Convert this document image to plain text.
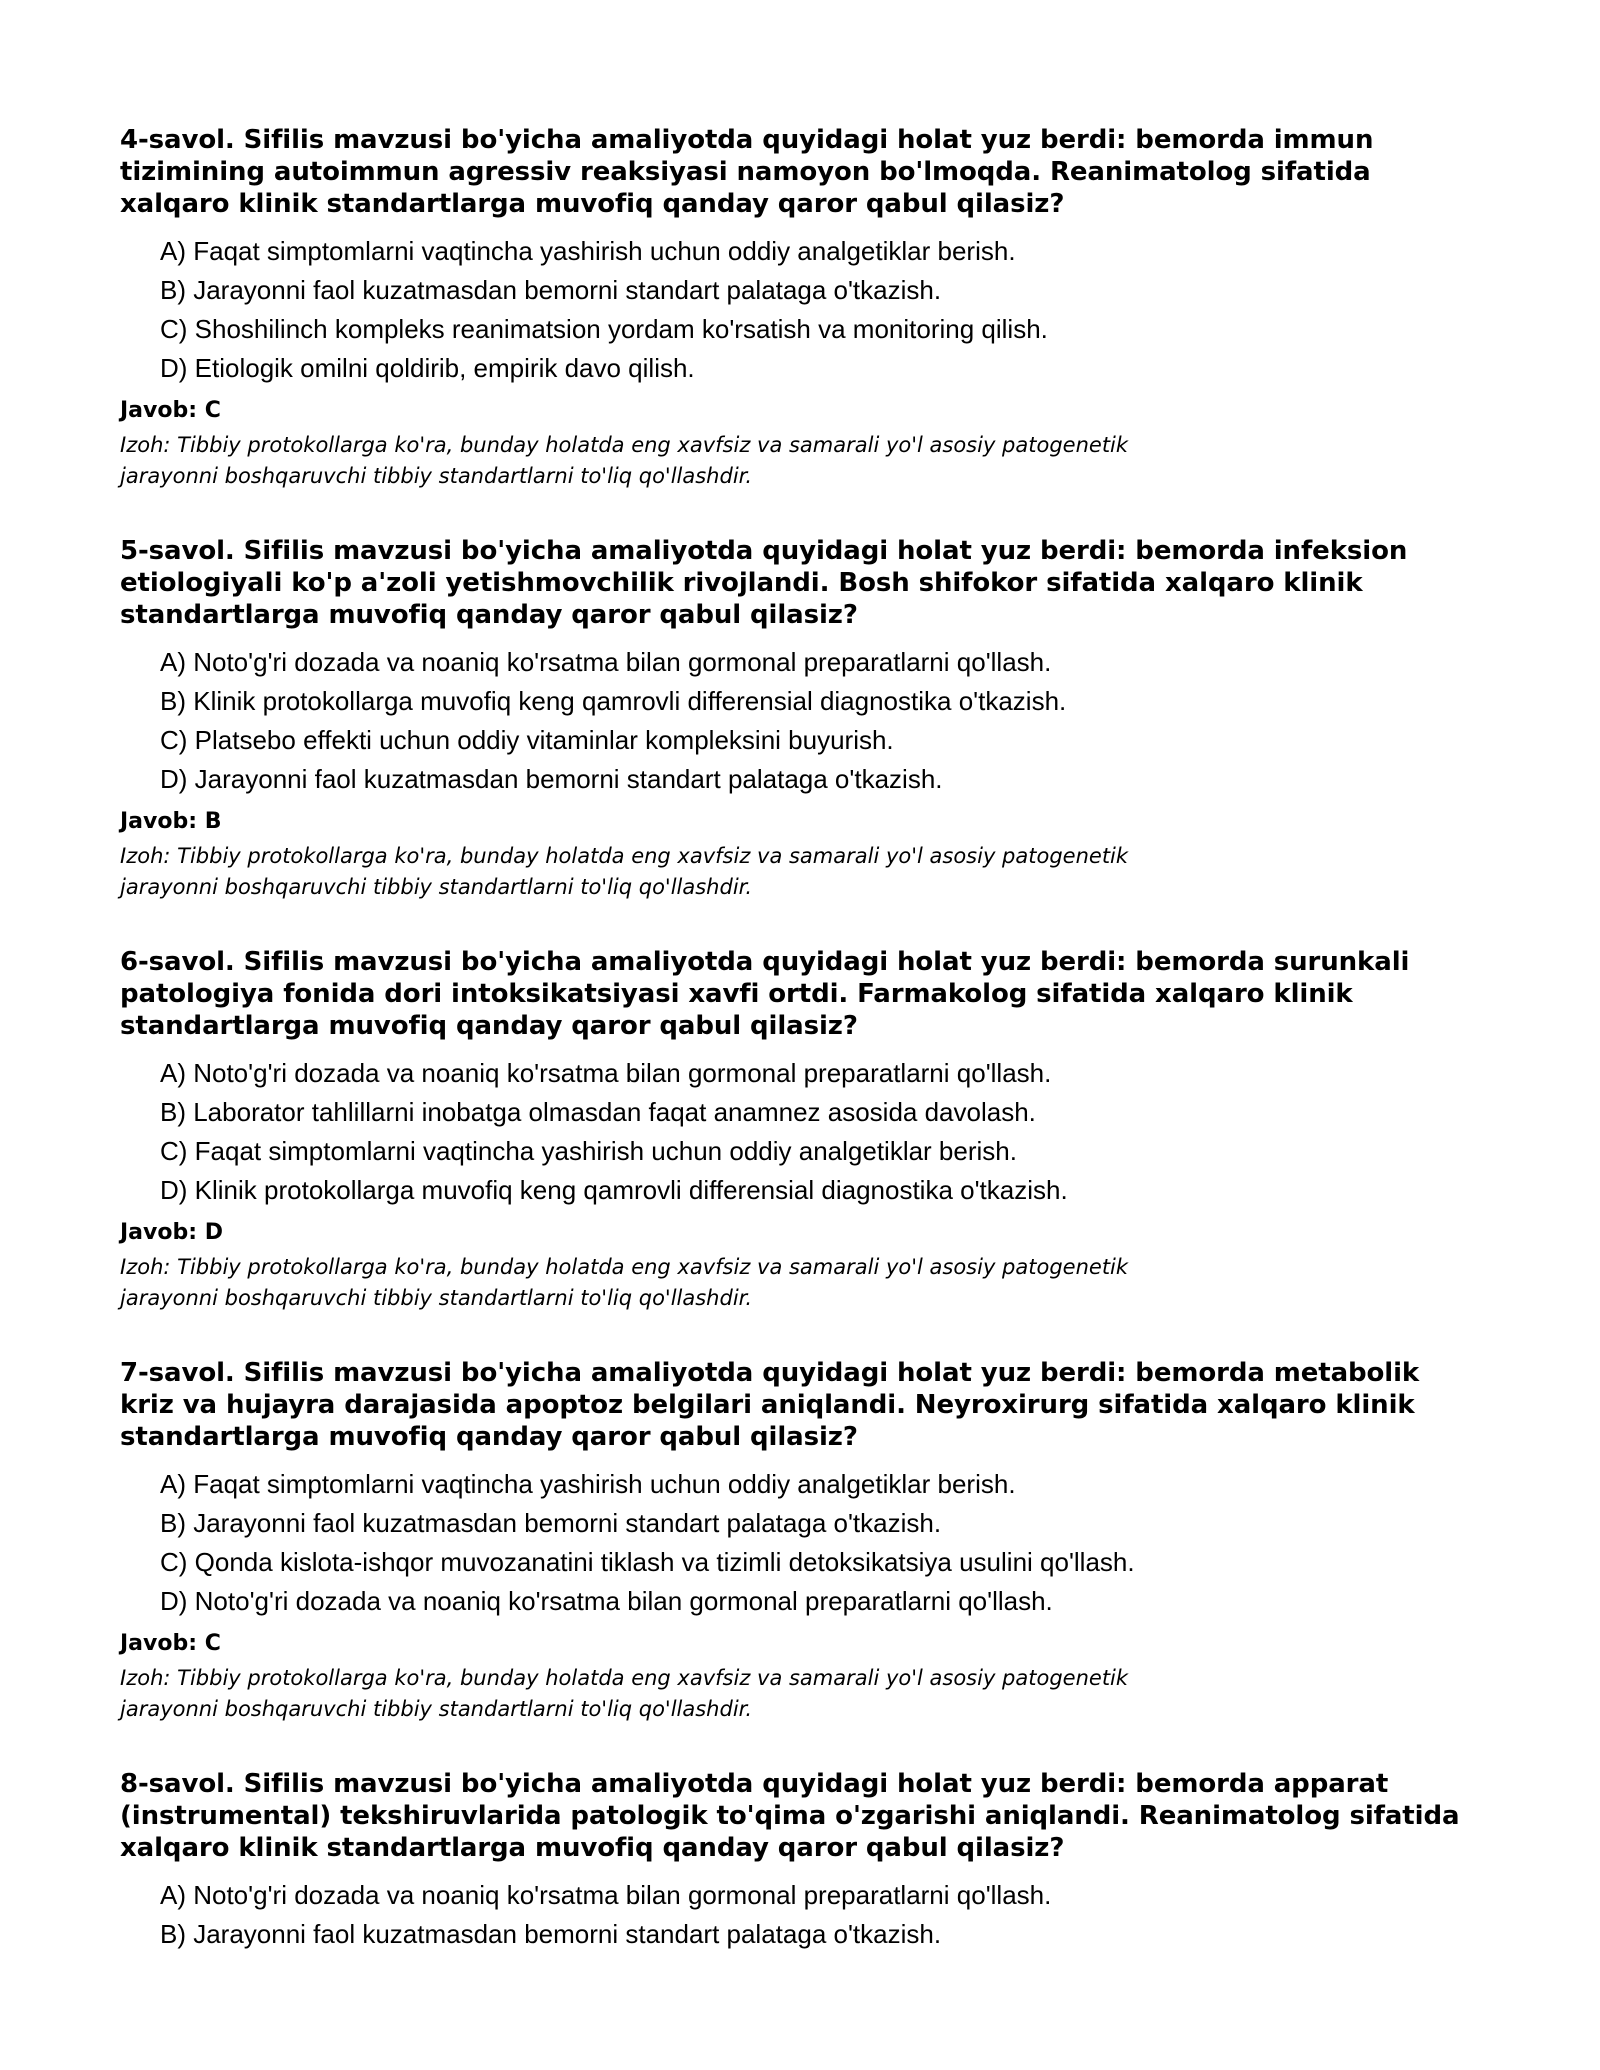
4-savol. Sifilis mavzusi bo'yicha amaliyotda quyidagi holat yuz berdi: bemorda immun tizimining autoimmun agressiv reaksiyasi namoyon bo'lmoqda. Reanimatolog sifatida xalqaro klinik standartlarga muvofiq qanday qaror qabul qilasiz?

A) Faqat simptomlarni vaqtincha yashirish uchun oddiy analgetiklar berish.
B) Jarayonni faol kuzatmasdan bemorni standart palataga o'tkazish.
C) Shoshilinch kompleks reanimatsion yordam ko'rsatish va monitoring qilish.
D) Etiologik omilni qoldirib, empirik davo qilish.

Javob: C

Izoh: Tibbiy protokollarga ko'ra, bunday holatda eng xavfsiz va samarali yo'l asosiy patogenetik jarayonni boshqaruvchi tibbiy standartlarni to'liq qo'llashdir.

5-savol. Sifilis mavzusi bo'yicha amaliyotda quyidagi holat yuz berdi: bemorda infeksion etiologiyali ko'p a'zoli yetishmovchilik rivojlandi. Bosh shifokor sifatida xalqaro klinik standartlarga muvofiq qanday qaror qabul qilasiz?

A) Noto'g'ri dozada va noaniq ko'rsatma bilan gormonal preparatlarni qo'llash.
B) Klinik protokollarga muvofiq keng qamrovli differensial diagnostika o'tkazish.
C) Platsebo effekti uchun oddiy vitaminlar kompleksini buyurish.
D) Jarayonni faol kuzatmasdan bemorni standart palataga o'tkazish.

Javob: B

Izoh: Tibbiy protokollarga ko'ra, bunday holatda eng xavfsiz va samarali yo'l asosiy patogenetik jarayonni boshqaruvchi tibbiy standartlarni to'liq qo'llashdir.

6-savol. Sifilis mavzusi bo'yicha amaliyotda quyidagi holat yuz berdi: bemorda surunkali patologiya fonida dori intoksikatsiyasi xavfi ortdi. Farmakolog sifatida xalqaro klinik standartlarga muvofiq qanday qaror qabul qilasiz?

A) Noto'g'ri dozada va noaniq ko'rsatma bilan gormonal preparatlarni qo'llash.
B) Laborator tahlillarni inobatga olmasdan faqat anamnez asosida davolash.
C) Faqat simptomlarni vaqtincha yashirish uchun oddiy analgetiklar berish.
D) Klinik protokollarga muvofiq keng qamrovli differensial diagnostika o'tkazish.

Javob: D

Izoh: Tibbiy protokollarga ko'ra, bunday holatda eng xavfsiz va samarali yo'l asosiy patogenetik jarayonni boshqaruvchi tibbiy standartlarni to'liq qo'llashdir.

7-savol. Sifilis mavzusi bo'yicha amaliyotda quyidagi holat yuz berdi: bemorda metabolik kriz va hujayra darajasida apoptoz belgilari aniqlandi. Neyroxirurg sifatida xalqaro klinik standartlarga muvofiq qanday qaror qabul qilasiz?

A) Faqat simptomlarni vaqtincha yashirish uchun oddiy analgetiklar berish.
B) Jarayonni faol kuzatmasdan bemorni standart palataga o'tkazish.
C) Qonda kislota-ishqor muvozanatini tiklash va tizimli detoksikatsiya usulini qo'llash.
D) Noto'g'ri dozada va noaniq ko'rsatma bilan gormonal preparatlarni qo'llash.

Javob: C

Izoh: Tibbiy protokollarga ko'ra, bunday holatda eng xavfsiz va samarali yo'l asosiy patogenetik jarayonni boshqaruvchi tibbiy standartlarni to'liq qo'llashdir.

8-savol. Sifilis mavzusi bo'yicha amaliyotda quyidagi holat yuz berdi: bemorda apparat (instrumental) tekshiruvlarida patologik to'qima o'zgarishi aniqlandi. Reanimatolog sifatida xalqaro klinik standartlarga muvofiq qanday qaror qabul qilasiz?

A) Noto'g'ri dozada va noaniq ko'rsatma bilan gormonal preparatlarni qo'llash.
B) Jarayonni faol kuzatmasdan bemorni standart palataga o'tkazish.
